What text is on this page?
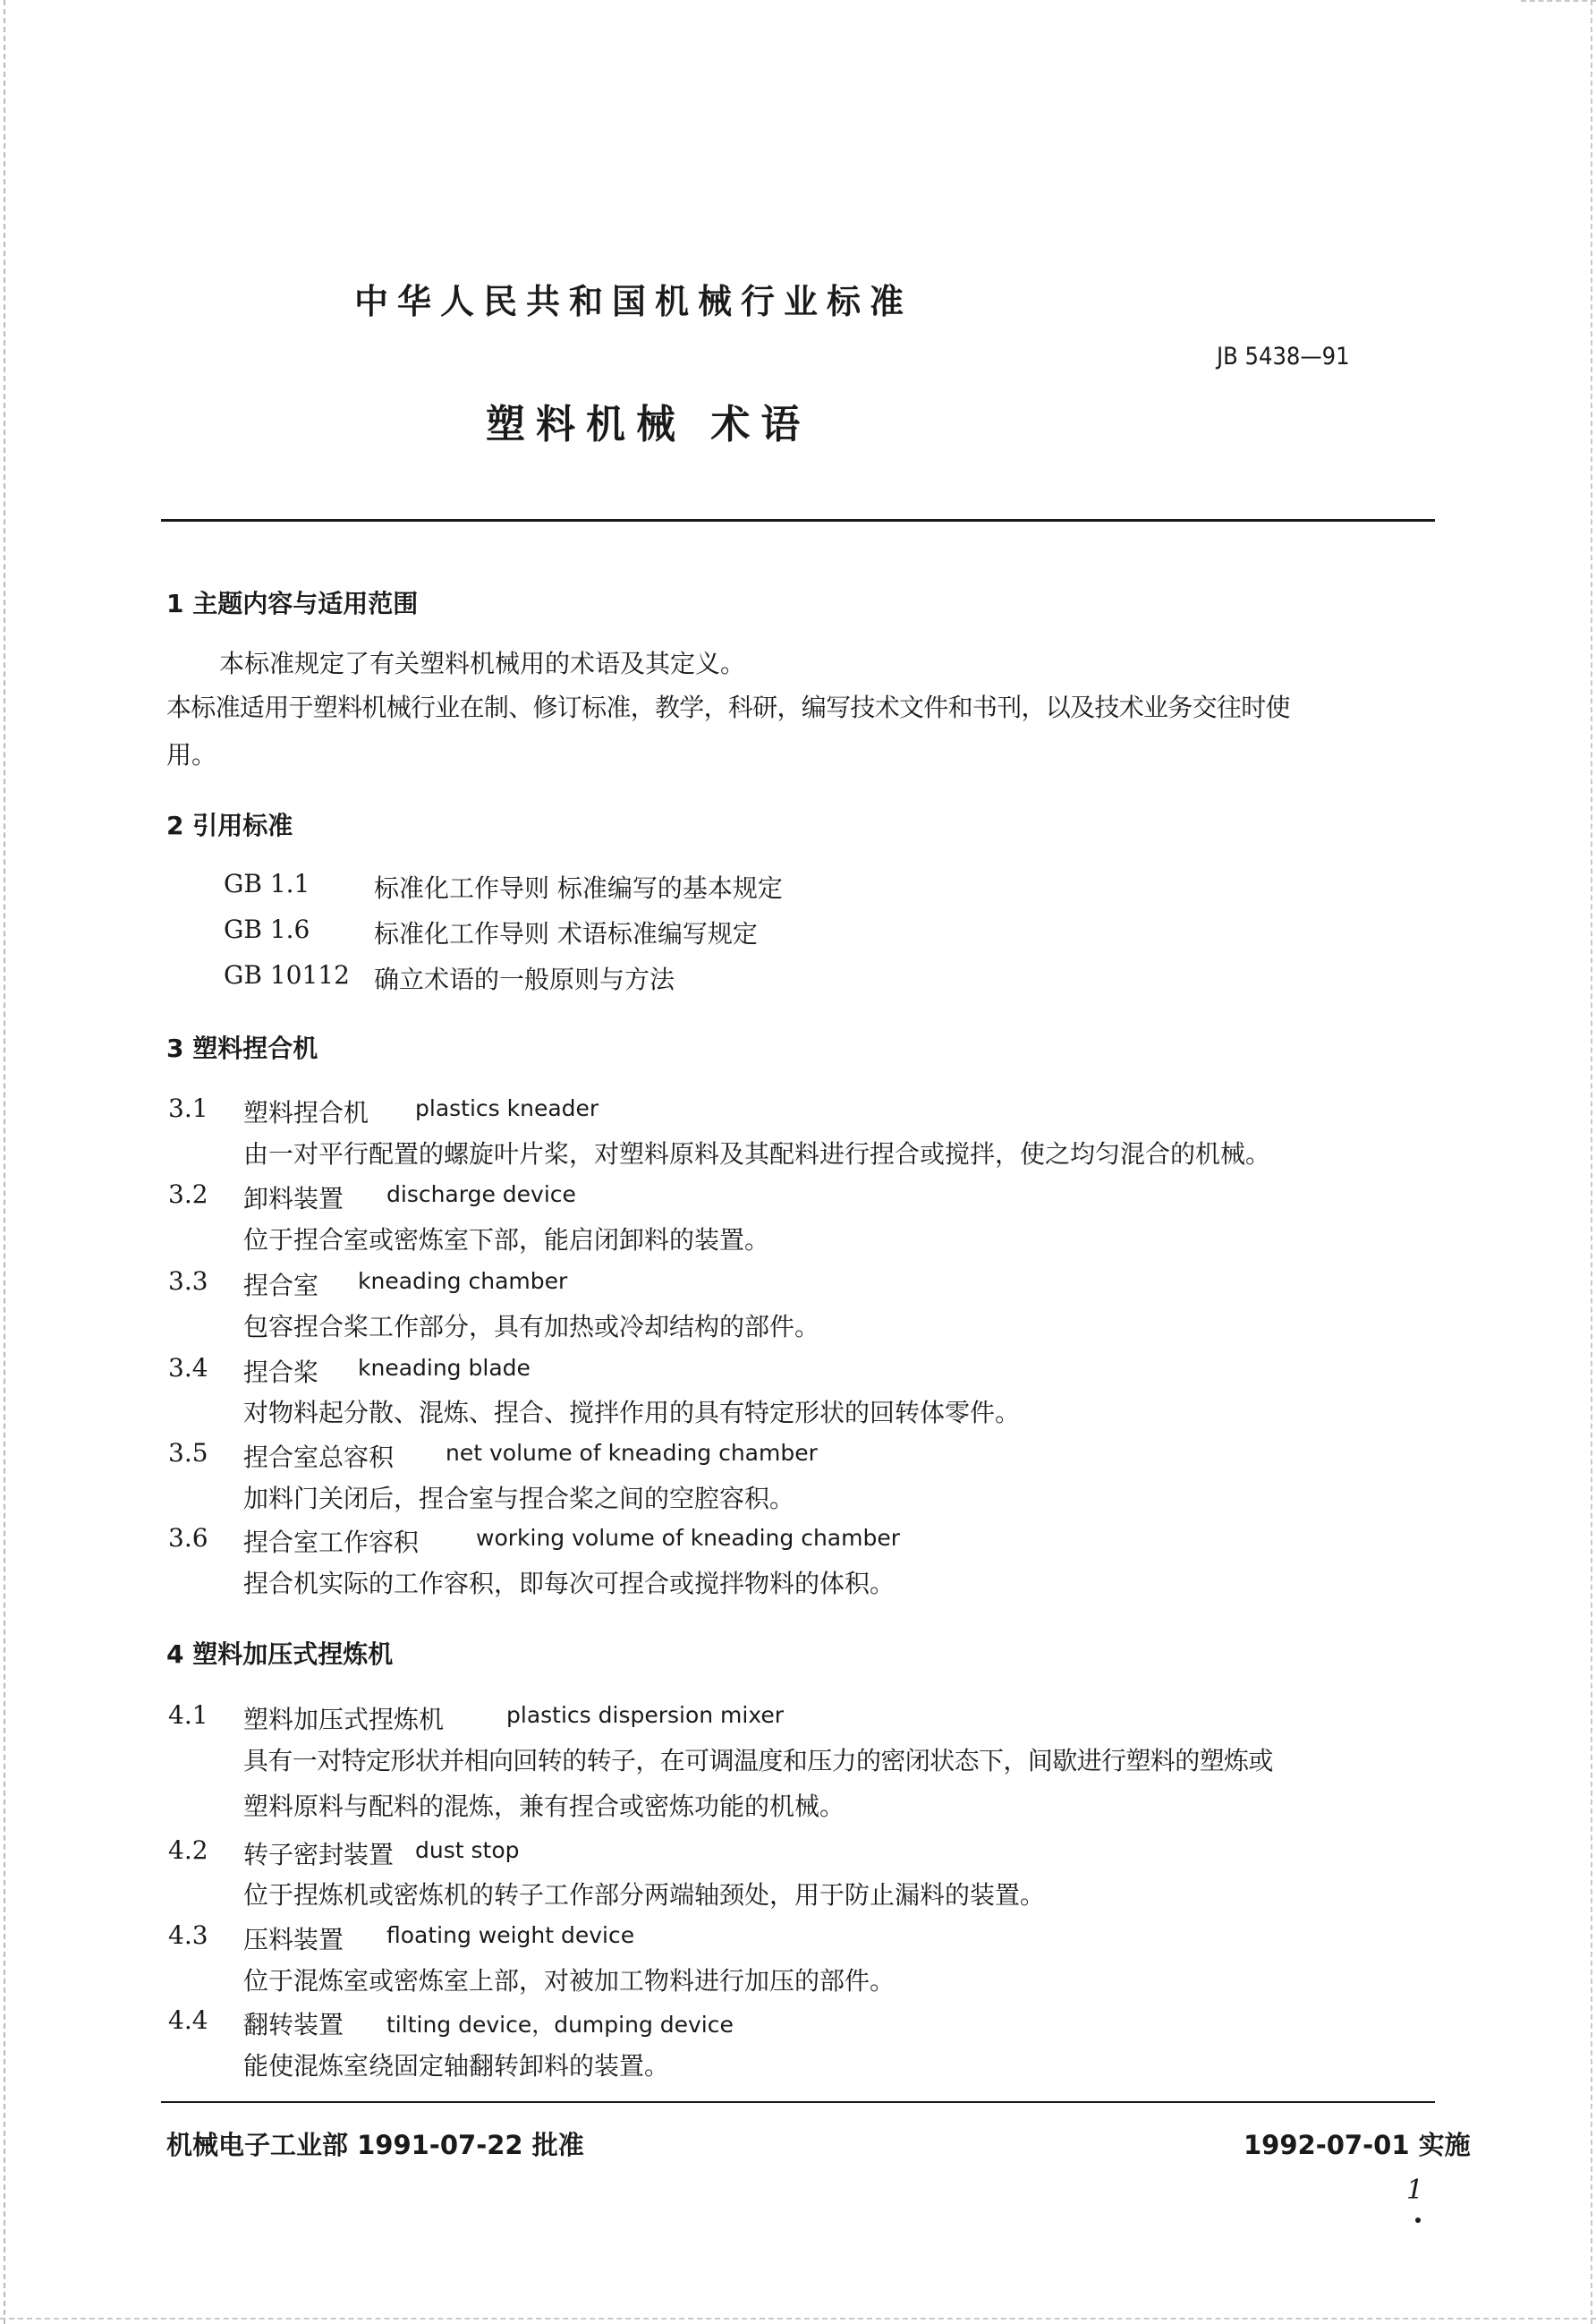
中华人民共和国机械行业标准
JB 5438—91
塑料机械 术语
1 主题内容与适用范围
本标准规定了有关塑料机械用的术语及其定义。
本标准适用于塑料机械行业在制、修订标准，教学，科研，编写技术文件和书刊，以及技术业务交往时使
用。
2 引用标准
GB 1.1	标准化工作导则 标准编写的基本规定
GB 1.6	标准化工作导则 术语标准编写规定
GB 10112 确立术语的一般原则与方法
3 塑料捏合机
3.1 塑料捏合机 plastics kneader
由一对平行配置的螺旋叶片桨，对塑料原料及其配料进行捏合或搅拌，使之均匀混合的机械。
3.2 卸料装置 discharge device
位于捏合室或密炼室下部，能启闭卸料的装置。
3.3 捏合室 kneading chamber
包容捏合桨工作部分，具有加热或冷却结构的部件。
3.4 捏合桨 kneading blade
对物料起分散、混炼、捏合、搅拌作用的具有特定形状的回转体零件。
3.5 捏合室总容积 net volume of kneading chamber
加料门关闭后，捏合室与捏合桨之间的空腔容积。
3.6 捏合室工作容积	working volume of kneading chamber
捏合机实际的工作容积，即每次可捏合或搅拌物料的体积。
4 塑料加压式捏炼机
4.1 塑料加压式捏炼机	plastics dispersion mixer
具有一对特定形状并相向回转的转子，在可调温度和压力的密闭状态下，间歇进行塑料的塑炼或
塑料原料与配料的混炼，兼有捏合或密炼功能的机械。
4.2 转子密封装置 dust stop
位于捏炼机或密炼机的转子工作部分两端轴颈处，用于防止漏料的装置。
4.3 压料装置 floating weight device
位于混炼室或密炼室上部，对被加工物料进行加压的部件。
4.4 翻转装置 tilting device，dumping device
能使混炼室绕固定轴翻转卸料的装置。
机械电子工业部 1991-07-22 批准	1992-07-01 实施
1
